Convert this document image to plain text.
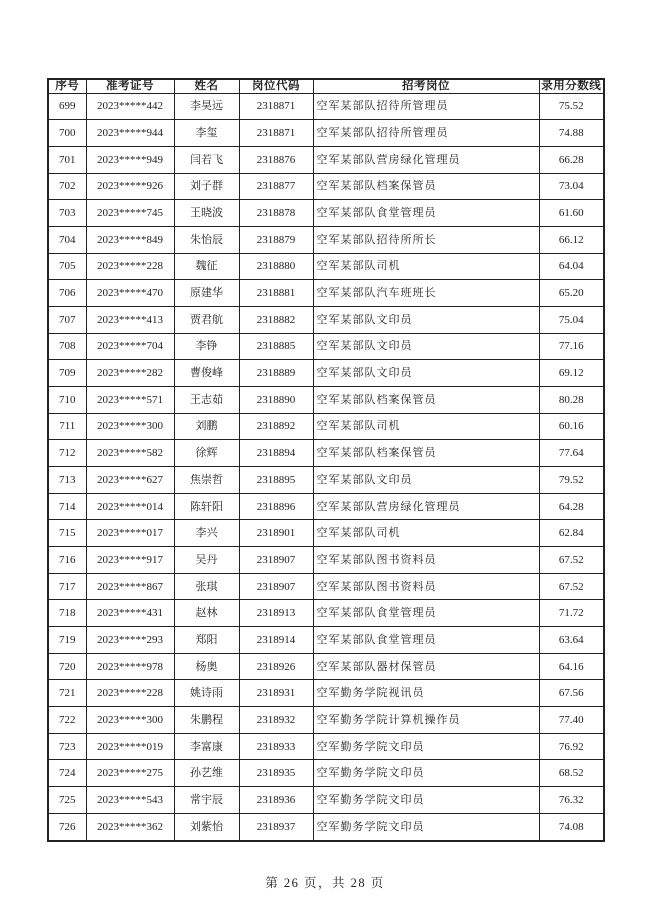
序号	准考证号	姓名	岗位代码	招考岗位	录用分数线
699	2023*****442	李昊远	2318871	空军某部队招待所管理员	75.52
700	2023*****944	李玺	2318871	空军某部队招待所管理员	74.88
701	2023*****949	闫若飞	2318876	空军某部队营房绿化管理员	66.28
702	2023*****926	刘子群	2318877	空军某部队档案保管员	73.04
703	2023*****745	王晓波	2318878	空军某部队食堂管理员	61.60
704	2023*****849	朱怡辰	2318879	空军某部队招待所所长	66.12
705	2023*****228	魏征	2318880	空军某部队司机	64.04
706	2023*****470	原建华	2318881	空军某部队汽车班班长	65.20
707	2023*****413	贾君航	2318882	空军某部队文印员	75.04
708	2023*****704	李铮	2318885	空军某部队文印员	77.16
709	2023*****282	曹俊峰	2318889	空军某部队文印员	69.12
710	2023*****571	王志茹	2318890	空军某部队档案保管员	80.28
711	2023*****300	刘鹏	2318892	空军某部队司机	60.16
712	2023*****582	徐辉	2318894	空军某部队档案保管员	77.64
713	2023*****627	焦崇哲	2318895	空军某部队文印员	79.52
714	2023*****014	陈轩阳	2318896	空军某部队营房绿化管理员	64.28
715	2023*****017	李兴	2318901	空军某部队司机	62.84
716	2023*****917	吴丹	2318907	空军某部队图书资料员	67.52
717	2023*****867	张琪	2318907	空军某部队图书资料员	67.52
718	2023*****431	赵林	2318913	空军某部队食堂管理员	71.72
719	2023*****293	郑阳	2318914	空军某部队食堂管理员	63.64
720	2023*****978	杨奥	2318926	空军某部队器材保管员	64.16
721	2023*****228	姚诗雨	2318931	空军勤务学院视讯员	67.56
722	2023*****300	朱鹏程	2318932	空军勤务学院计算机操作员	77.40
723	2023*****019	李富康	2318933	空军勤务学院文印员	76.92
724	2023*****275	孙艺维	2318935	空军勤务学院文印员	68.52
725	2023*****543	常宇辰	2318936	空军勤务学院文印员	76.32
726	2023*****362	刘紫怡	2318937	空军勤务学院文印员	74.08
第 26 页，共 28 页
